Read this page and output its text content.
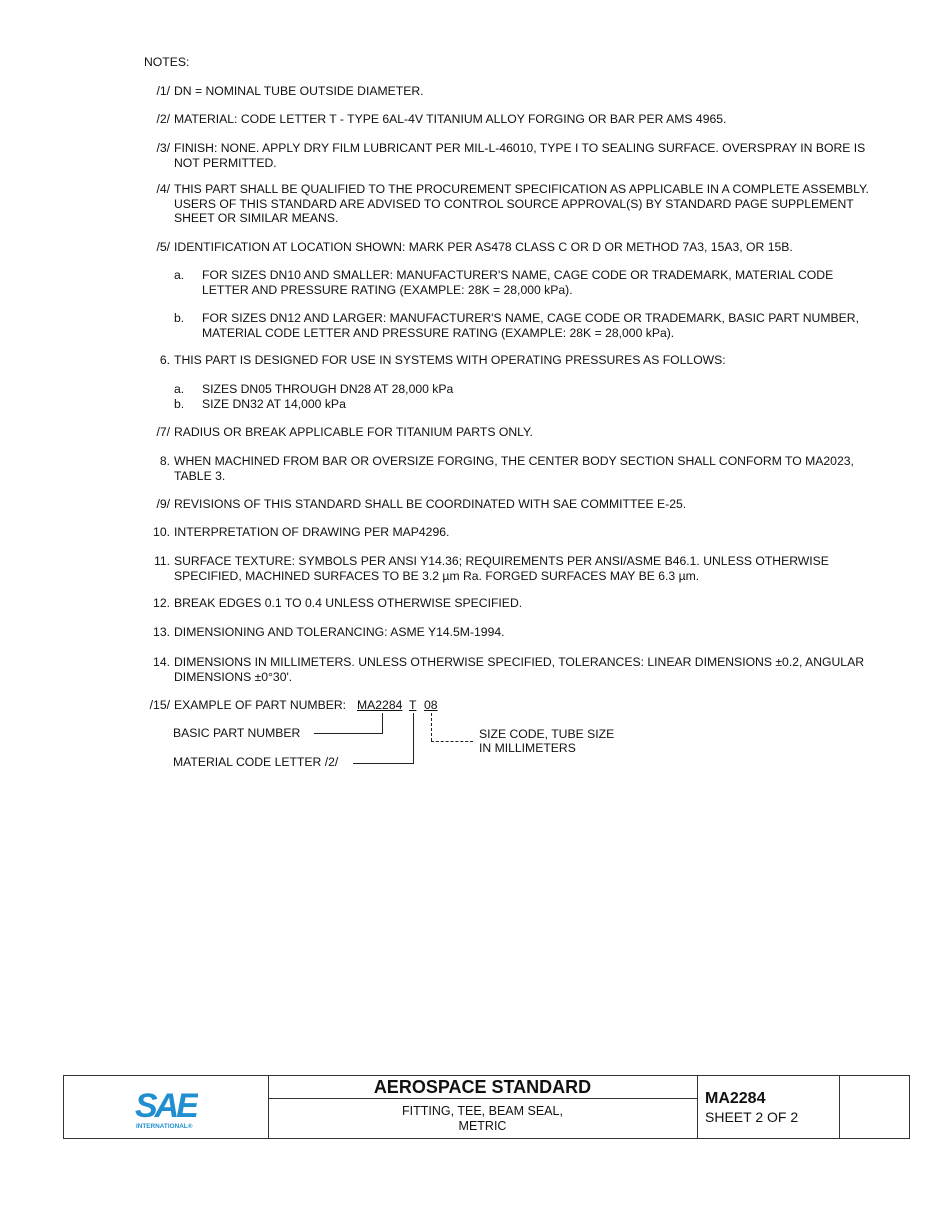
NOTES:
/1/ DN = NOMINAL TUBE OUTSIDE DIAMETER.
/2/ MATERIAL: CODE LETTER T - TYPE 6AL-4V TITANIUM ALLOY FORGING OR BAR PER AMS 4965.
/3/ FINISH: NONE. APPLY DRY FILM LUBRICANT PER MIL-L-46010, TYPE I TO SEALING SURFACE. OVERSPRAY IN BORE IS NOT PERMITTED.
/4/ THIS PART SHALL BE QUALIFIED TO THE PROCUREMENT SPECIFICATION AS APPLICABLE IN A COMPLETE ASSEMBLY. USERS OF THIS STANDARD ARE ADVISED TO CONTROL SOURCE APPROVAL(S) BY STANDARD PAGE SUPPLEMENT SHEET OR SIMILAR MEANS.
/5/ IDENTIFICATION AT LOCATION SHOWN: MARK PER AS478 CLASS C OR D OR METHOD 7A3, 15A3, OR 15B.
a. FOR SIZES DN10 AND SMALLER: MANUFACTURER'S NAME, CAGE CODE OR TRADEMARK, MATERIAL CODE LETTER AND PRESSURE RATING (EXAMPLE: 28K = 28,000 kPa).
b. FOR SIZES DN12 AND LARGER: MANUFACTURER'S NAME, CAGE CODE OR TRADEMARK, BASIC PART NUMBER, MATERIAL CODE LETTER AND PRESSURE RATING (EXAMPLE: 28K = 28,000 kPa).
6. THIS PART IS DESIGNED FOR USE IN SYSTEMS WITH OPERATING PRESSURES AS FOLLOWS:
a. SIZES DN05 THROUGH DN28 AT 28,000 kPa
b. SIZE DN32 AT 14,000 kPa
/7/ RADIUS OR BREAK APPLICABLE FOR TITANIUM PARTS ONLY.
8. WHEN MACHINED FROM BAR OR OVERSIZE FORGING, THE CENTER BODY SECTION SHALL CONFORM TO MA2023, TABLE 3.
/9/ REVISIONS OF THIS STANDARD SHALL BE COORDINATED WITH SAE COMMITTEE E-25.
10. INTERPRETATION OF DRAWING PER MAP4296.
11. SURFACE TEXTURE: SYMBOLS PER ANSI Y14.36; REQUIREMENTS PER ANSI/ASME B46.1. UNLESS OTHERWISE SPECIFIED, MACHINED SURFACES TO BE 3.2 µm Ra. FORGED SURFACES MAY BE 6.3 µm.
12. BREAK EDGES 0.1 TO 0.4 UNLESS OTHERWISE SPECIFIED.
13. DIMENSIONING AND TOLERANCING: ASME Y14.5M-1994.
14. DIMENSIONS IN MILLIMETERS. UNLESS OTHERWISE SPECIFIED, TOLERANCES: LINEAR DIMENSIONS ±0.2, ANGULAR DIMENSIONS ±0°30'.
/15/ EXAMPLE OF PART NUMBER: MA2284 T 08
BASIC PART NUMBER
MATERIAL CODE LETTER /2/
SIZE CODE, TUBE SIZE
IN MILLIMETERS
SAE
INTERNATIONAL®
AEROSPACE STANDARD
FITTING, TEE, BEAM SEAL,
METRIC
MA2284
SHEET 2 OF 2
